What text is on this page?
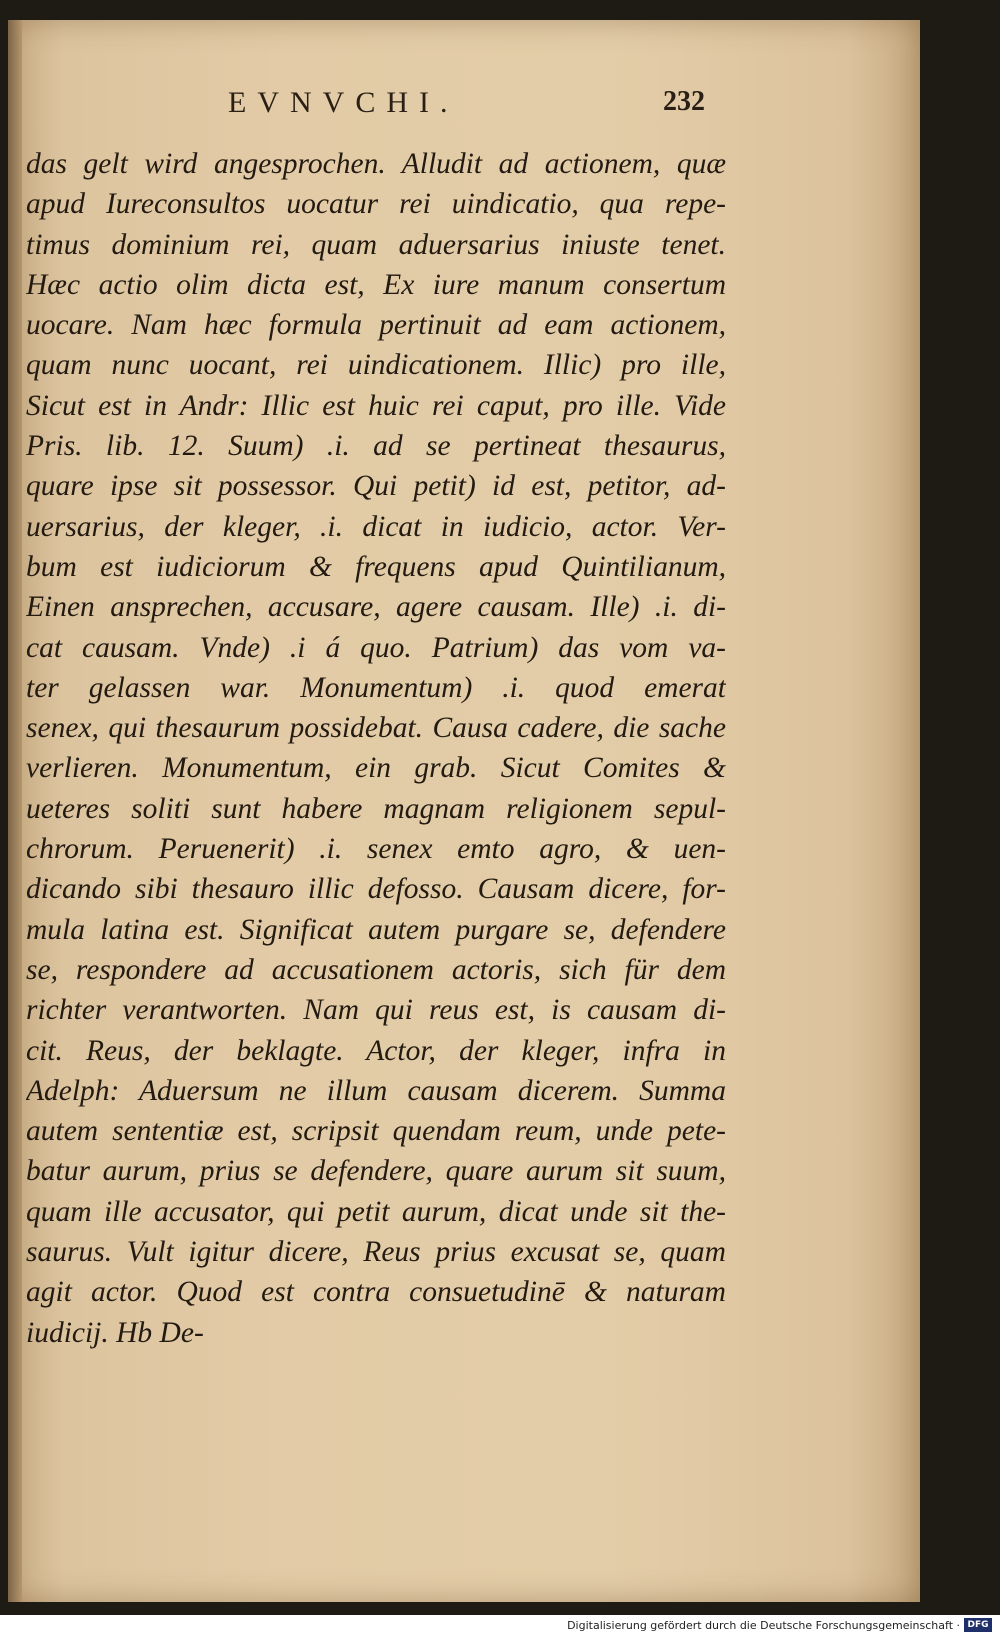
EVNVCHI.	232
das gelt wird angesprochen. Alludit ad actionem, quæ
apud Iureconsultos uocatur rei uindicatio, qua repe-
timus dominium rei, quam aduersarius iniuste tenet.
Hæc actio olim dicta est, Ex iure manum consertum
uocare. Nam hæc formula pertinuit ad eam actionem,
quam nunc uocant, rei uindicationem. Illic) pro ille,
Sicut est in Andr: Illic est huic rei caput, pro ille. Vide
Pris. lib. 12. Suum) .i. ad se pertineat thesaurus,
quare ipse sit possessor. Qui petit) id est, petitor, ad-
uersarius, der kleger, .i. dicat in iudicio, actor. Ver-
bum est iudiciorum & frequens apud Quintilianum,
Einen ansprechen, accusare, agere causam. Ille) .i. di-
cat causam. Vnde) .i á quo. Patrium) das vom va-
ter gelassen war. Monumentum) .i. quod emerat
senex, qui thesaurum possidebat. Causa cadere, die sache
verlieren. Monumentum, ein grab. Sicut Comites &
ueteres soliti sunt habere magnam religionem sepul-
chrorum. Peruenerit) .i. senex emto agro, & uen-
dicando sibi thesauro illic defosso. Causam dicere, for-
mula latina est. Significat autem purgare se, defendere
se, respondere ad accusationem actoris, sich für dem
richter verantworten. Nam qui reus est, is causam di-
cit. Reus, der beklagte. Actor, der kleger, infra in
Adelph: Aduersum ne illum causam dicerem. Summa
autem sententiæ est, scripsit quendam reum, unde pete-
batur aurum, prius se defendere, quare aurum sit suum,
quam ille accusator, qui petit aurum, dicat unde sit the-
saurus. Vult igitur dicere, Reus prius excusat se, quam
agit actor. Quod est contra consuetudinē & naturam
iudicij. Hb De-
Digitalisierung gefördert durch die Deutsche Forschungsgemeinschaft · DFG
